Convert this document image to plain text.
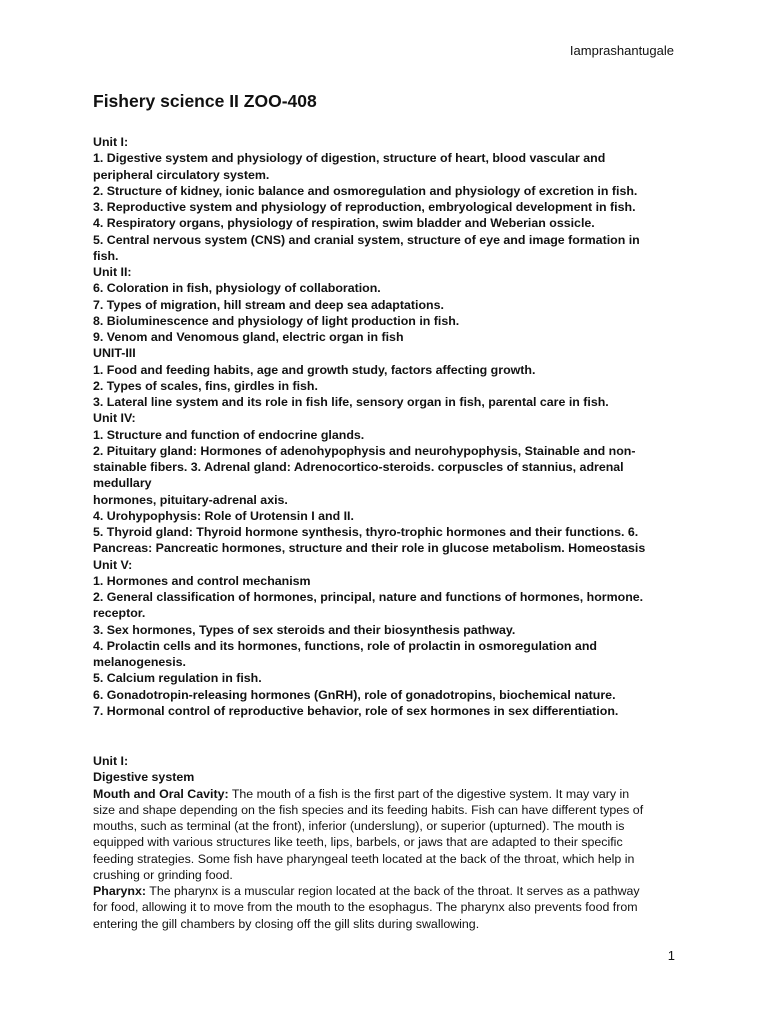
Iamprashantugale
Fishery science II ZOO-408

Unit I:

1. Digestive system and physiology of digestion, structure of heart, blood vascular and

peripheral circulatory system.

2. Structure of kidney, ionic balance and osmoregulation and physiology of excretion in fish.

3. Reproductive system and physiology of reproduction, embryological development in fish.

4. Respiratory organs, physiology of respiration, swim bladder and Weberian ossicle.

5. Central nervous system (CNS) and cranial system, structure of eye and image formation in

fish.

Unit II:

6. Coloration in fish, physiology of collaboration.

7. Types of migration, hill stream and deep sea adaptations.

8. Bioluminescence and physiology of light production in fish.

9. Venom and Venomous gland, electric organ in fish

UNIT-III

1. Food and feeding habits, age and growth study, factors affecting growth.

2. Types of scales, fins, girdles in fish.

3. Lateral line system and its role in fish life, sensory organ in fish, parental care in fish.

Unit IV:

1. Structure and function of endocrine glands.

2. Pituitary gland: Hormones of adenohypophysis and neurohypophysis, Stainable and non-

stainable fibers. 3. Adrenal gland: Adrenocortico-steroids. corpuscles of stannius, adrenal

medullary

hormones, pituitary-adrenal axis.

4. Urohypophysis: Role of Urotensin I and II.

5. Thyroid gland: Thyroid hormone synthesis, thyro-trophic hormones and their functions. 6.

Pancreas: Pancreatic hormones, structure and their role in glucose metabolism. Homeostasis

Unit V:

1. Hormones and control mechanism

2. General classification of hormones, principal, nature and functions of hormones, hormone.

receptor.

3. Sex hormones, Types of sex steroids and their biosynthesis pathway.

4. Prolactin cells and its hormones, functions, role of prolactin in osmoregulation and

melanogenesis.

5. Calcium regulation in fish.

6. Gonadotropin-releasing hormones (GnRH), role of gonadotropins, biochemical nature.

7. Hormonal control of reproductive behavior, role of sex hormones in sex differentiation.

Unit I:

Digestive system

Mouth and Oral Cavity: The mouth of a fish is the first part of the digestive system. It may vary in

size and shape depending on the fish species and its feeding habits. Fish can have different types of

mouths, such as terminal (at the front), inferior (underslung), or superior (upturned). The mouth is

equipped with various structures like teeth, lips, barbels, or jaws that are adapted to their specific

feeding strategies. Some fish have pharyngeal teeth located at the back of the throat, which help in

crushing or grinding food.

Pharynx: The pharynx is a muscular region located at the back of the throat. It serves as a pathway

for food, allowing it to move from the mouth to the esophagus. The pharynx also prevents food from

entering the gill chambers by closing off the gill slits during swallowing.

1
